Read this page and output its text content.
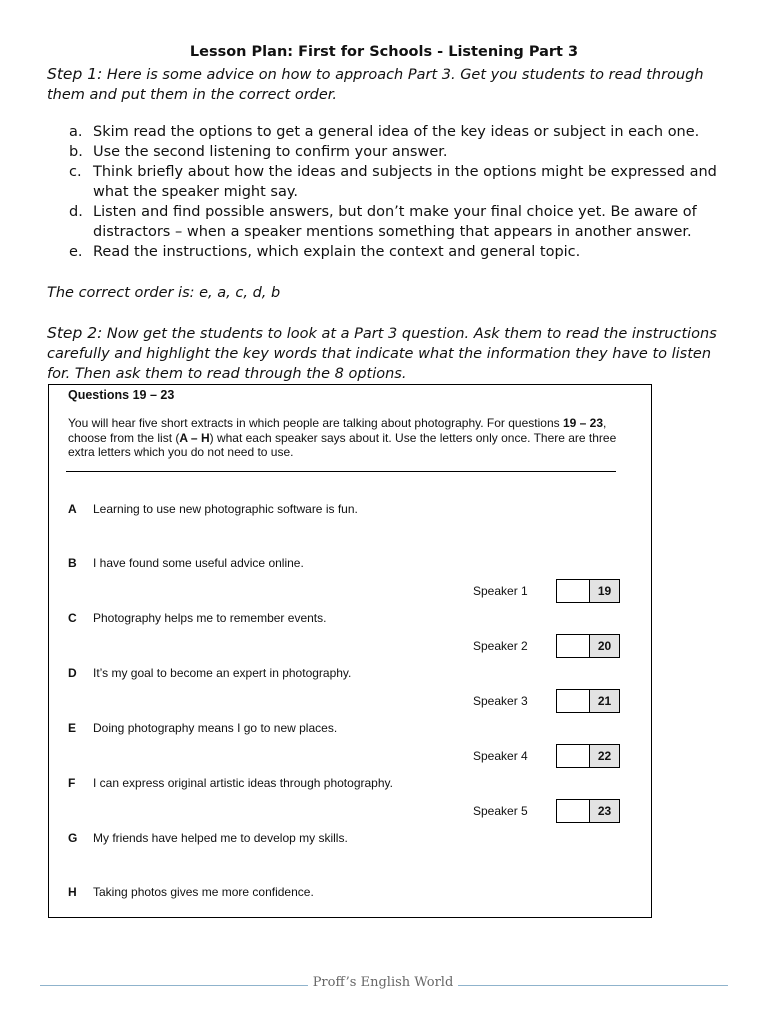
Lesson Plan: First for Schools - Listening Part 3
Step 1: Here is some advice on how to approach Part 3. Get you students to read through them and put them in the correct order.
a. Skim read the options to get a general idea of the key ideas or subject in each one.
b. Use the second listening to confirm your answer.
c. Think briefly about how the ideas and subjects in the options might be expressed and what the speaker might say.
d. Listen and find possible answers, but don’t make your final choice yet. Be aware of distractors – when a speaker mentions something that appears in another answer.
e. Read the instructions, which explain the context and general topic.
The correct order is: e, a, c, d, b
Step 2: Now get the students to look at a Part 3 question. Ask them to read the instructions carefully and highlight the key words that indicate what the information they have to listen for. Then ask them to read through the 8 options.
Questions 19 – 23
You will hear five short extracts in which people are talking about photography. For questions 19 – 23, choose from the list (A – H) what each speaker says about it. Use the letters only once. There are three extra letters which you do not need to use.
A Learning to use new photographic software is fun.
B I have found some useful advice online.
C Photography helps me to remember events.
D It’s my goal to become an expert in photography.
E Doing photography means I go to new places.
F I can express original artistic ideas through photography.
G My friends have helped me to develop my skills.
H Taking photos gives me more confidence.
Speaker 1	19
Speaker 2	20
Speaker 3	21
Speaker 4	22
Speaker 5	23
Proff’s English World
